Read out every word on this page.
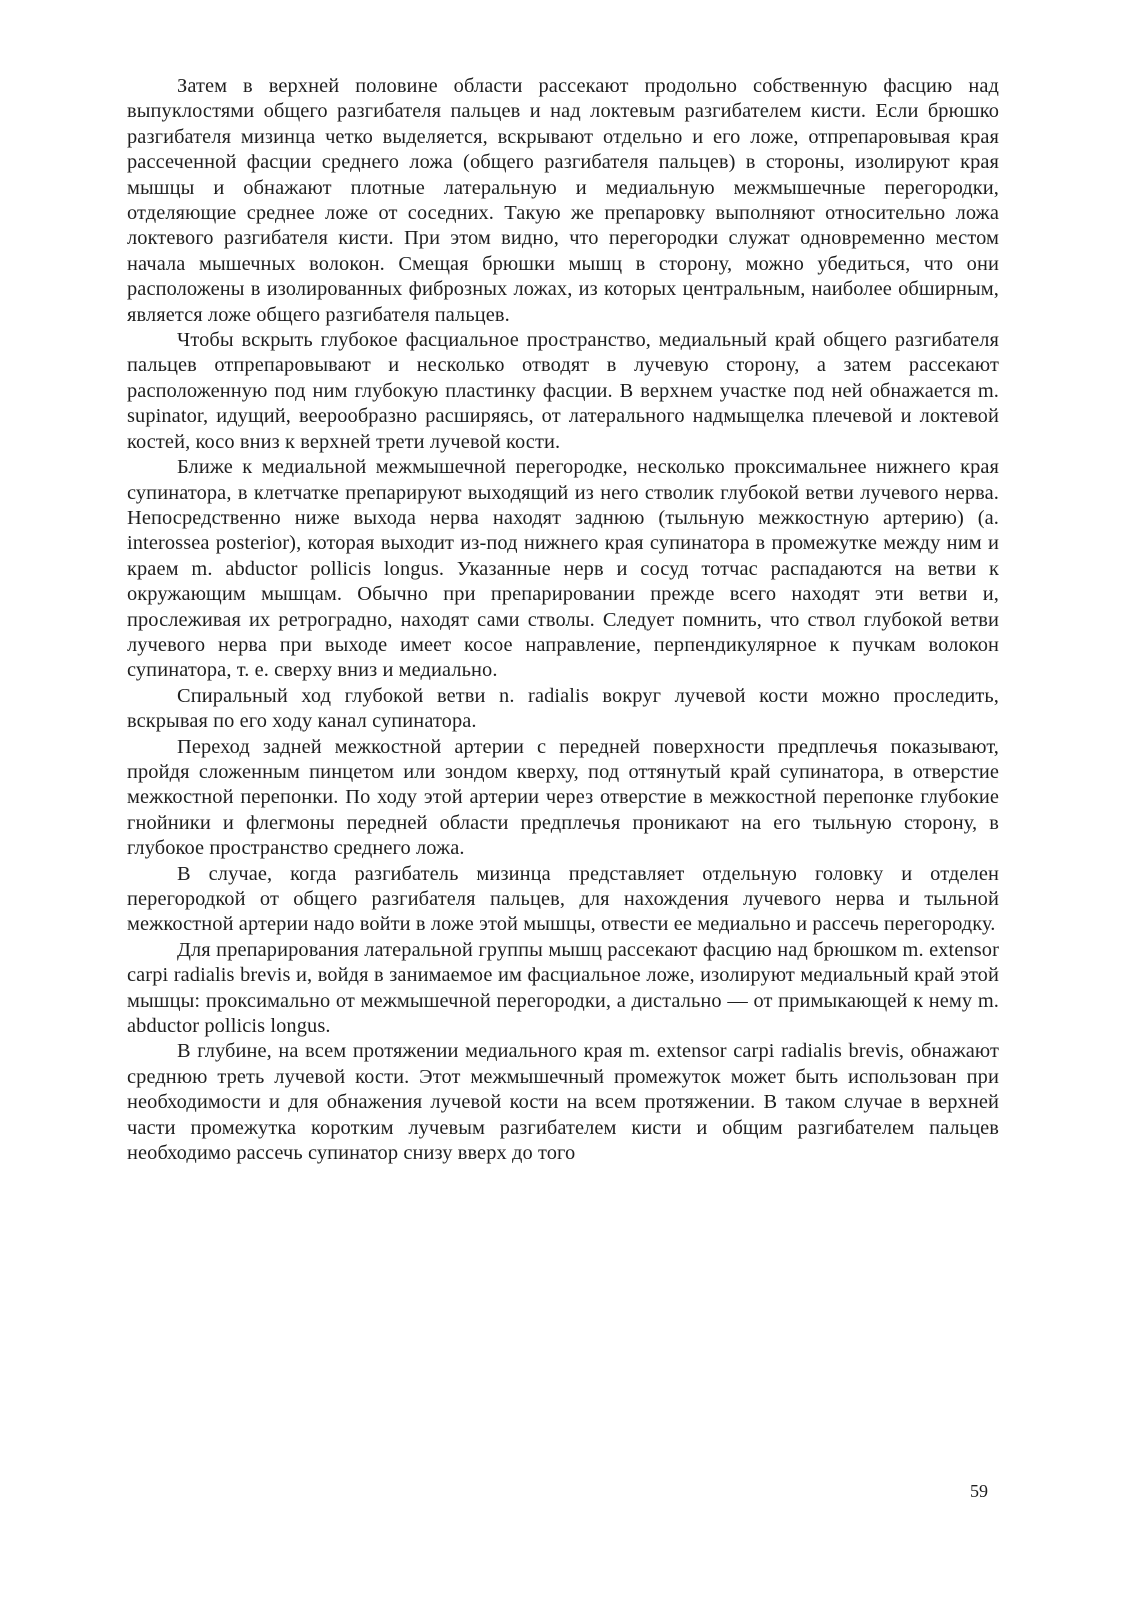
Затем в верхней половине области рассекают продольно собственную фасцию над выпуклостями общего разгибателя пальцев и над локтевым разгибателем кисти. Если брюшко разгибателя мизинца четко выделяется, вскрывают отдельно и его ложе, отпрепаровывая края рассеченной фасции среднего ложа (общего разгибателя пальцев) в стороны, изолируют края мышцы и обнажают плотные латеральную и медиальную межмышечные перегородки, отделяющие среднее ложе от соседних. Такую же препаровку выполняют относительно ложа локтевого разгибателя кисти. При этом видно, что перегородки служат одновременно местом начала мышечных волокон. Смещая брюшки мышц в сторону, можно убедиться, что они расположены в изолированных фиброзных ложах, из которых центральным, наиболее обширным, является ложе общего разгибателя пальцев.

Чтобы вскрыть глубокое фасциальное пространство, медиальный край общего разгибателя пальцев отпрепаровывают и несколько отводят в лучевую сторону, а затем рассекают расположенную под ним глубокую пластинку фасции. В верхнем участке под ней обнажается m. supinator, идущий, веерообразно расширяясь, от латерального надмыщелка плечевой и локтевой костей, косо вниз к верхней трети лучевой кости.

Ближе к медиальной межмышечной перегородке, несколько проксимальнее нижнего края супинатора, в клетчатке препарируют выходящий из него стволик глубокой ветви лучевого нерва. Непосредственно ниже выхода нерва находят заднюю (тыльную межкостную артерию) (a. interossea posterior), которая выходит из-под нижнего края супинатора в промежутке между ним и краем m. abductor pollicis longus. Указанные нерв и сосуд тотчас распадаются на ветви к окружающим мышцам. Обычно при препарировании прежде всего находят эти ветви и, прослеживая их ретроградно, находят сами стволы. Следует помнить, что ствол глубокой ветви лучевого нерва при выходе имеет косое направление, перпендикулярное к пучкам волокон супинатора, т. е. сверху вниз и медиально.

Спиральный ход глубокой ветви n. radialis вокруг лучевой кости можно проследить, вскрывая по его ходу канал супинатора.

Переход задней межкостной артерии с передней поверхности предплечья показывают, пройдя сложенным пинцетом или зондом кверху, под оттянутый край супинатора, в отверстие межкостной перепонки. По ходу этой артерии через отверстие в межкостной перепонке глубокие гнойники и флегмоны передней области предплечья проникают на его тыльную сторону, в глубокое пространство среднего ложа.

В случае, когда разгибатель мизинца представляет отдельную головку и отделен перегородкой от общего разгибателя пальцев, для нахождения лучевого нерва и тыльной межкостной артерии надо войти в ложе этой мышцы, отвести ее медиально и рассечь перегородку.

Для препарирования латеральной группы мышц рассекают фасцию над брюшком m. extensor carpi radialis brevis и, войдя в занимаемое им фасциальное ложе, изолируют медиальный край этой мышцы: проксимально от межмышечной перегородки, а дистально — от примыкающей к нему m. abductor pollicis longus.

В глубине, на всем протяжении медиального края m. extensor carpi radialis brevis, обнажают среднюю треть лучевой кости. Этот межмышечный промежуток может быть использован при необходимости и для обнажения лучевой кости на всем протяжении. В таком случае в верхней части промежутка коротким лучевым разгибателем кисти и общим разгибателем пальцев необходимо рассечь супинатор снизу вверх до того

59
